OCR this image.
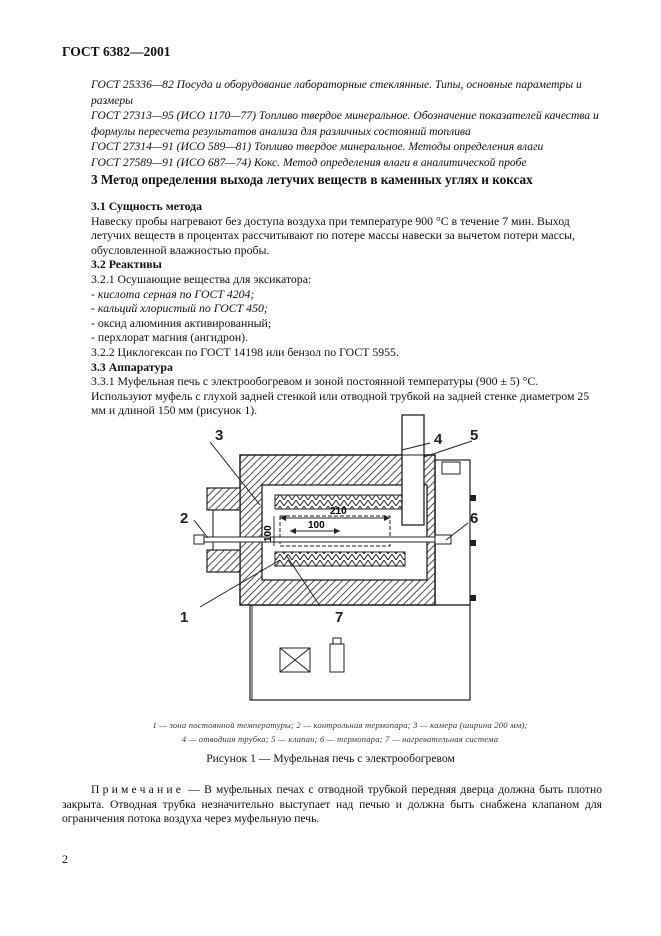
ГОСТ 6382—2001

ГОСТ 25336—82 Посуда и оборудование лабораторные стеклянные. Типы, основные параметры и размеры

ГОСТ 27313—95 (ИСО 1170—77) Топливо твердое минеральное. Обозначение показателей качества и формулы пересчета результатов анализа для различных состояний топлива

ГОСТ 27314—91 (ИСО 589—81) Топливо твердое минеральное. Методы определения влаги

ГОСТ 27589—91 (ИСО 687—74) Кокс. Метод определения влаги в аналитической пробе

3 Метод определения выхода летучих веществ в каменных углях и коксах

3.1 Сущность метода

Навеску пробы нагревают без доступа воздуха при температуре 900 °С в течение 7 мин. Выход летучих веществ в процентах рассчитывают по потере массы навески за вычетом потери массы, обусловленной влажностью пробы.

3.2 Реактивы

3.2.1 Осушающие вещества для эксикатора:

- кислота серная по ГОСТ 4204;

- кальций хлористый по ГОСТ 450;

- оксид алюминия активированный;

- перхлорат магния (ангидрон).

3.2.2 Циклогексан по ГОСТ 14198 или бензол по ГОСТ 5955.

3.3 Аппаратура

3.3.1 Муфельная печь с электрообогревом и зоной постоянной температуры (900 ± 5) °С. Используют муфель с глухой задней стенкой или отводной трубкой на задней стенке диаметром 25 мм и длиной 150 мм (рисунок 1).

210
100
100
3
2
4 5
6
1	7
1 — зона постоянной температуры; 2 — контрольная термопара; 3 — камера (ширина 200 мм);
4 — отводная трубка; 5 — клапан; 6 — термопара; 7 — нагревательная система
Рисунок 1 — Муфельная печь с электрообогревом
Примечание — В муфельных печах с отводной трубкой передняя дверца должна быть плотно закрыта. Отводная трубка незначительно выступает над печью и должна быть снабжена клапаном для ограничения потока воздуха через муфельную печь.
2
